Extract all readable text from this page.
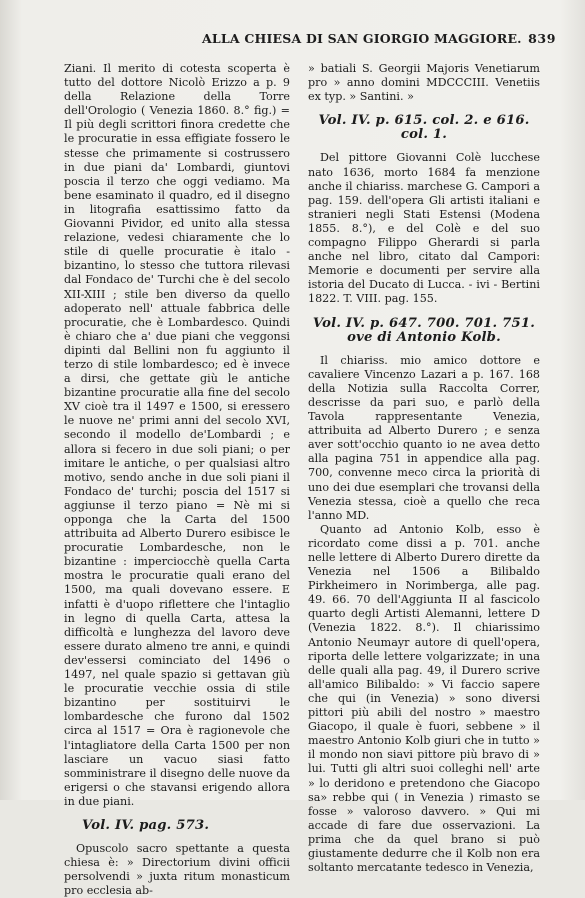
ALLA CHIESA DI SAN GIORGIO MAGGIORE. 839

Ziani. Il merito di cotesta scoperta è tutto del dottore Nicolò Erizzo a p. 9 della Relazione della Torre dell'Orologio ( Venezia 1860. 8.° fig.) = Il più degli scrittori finora credette che le procuratie in essa effigiate fossero le stesse che primamente si costrussero in due piani da' Lombardi, giuntovi poscia il terzo che oggi vediamo. Ma bene esaminato il quadro, ed il disegno in litografia esattissimo fatto da Giovanni Pividor, ed unito alla stessa relazione, vedesi chiaramente che lo stile di quelle procuratie è italo - bizantino, lo stesso che tuttora rilevasi dal Fondaco de' Turchi che è del secolo XII-XIII ; stile ben diverso da quello adoperato nell' attuale fabbrica delle procuratie, che è Lombardesco. Quindi è chiaro che a' due piani che veggonsi dipinti dal Bellini non fu aggiunto il terzo di stile lombardesco; ed è invece a dirsi, che gettate giù le antiche bizantine procuratie alla fine del secolo XV cioè tra il 1497 e 1500, si eressero le nuove ne' primi anni del secolo XVI, secondo il modello de'Lombardi ; e allora si fecero in due soli piani; o per imitare le antiche, o per qualsiasi altro motivo, sendo anche in due soli piani il Fondaco de' turchi; poscia del 1517 si aggiunse il terzo piano = Nè mi si opponga che la Carta del 1500 attribuita ad Alberto Durero esibisce le procuratie Lombardesche, non le bizantine : imperciocchè quella Carta mostra le procuratie quali erano del 1500, ma quali dovevano essere. E infatti è d'uopo riflettere che l'intaglio in legno di quella Carta, attesa la difficoltà e lunghezza del lavoro deve essere durato almeno tre anni, e quindi dev'essersi cominciato del 1496 o 1497, nel quale spazio si gettavan giù le procuratie vecchie ossia di stile bizantino per sostituirvi le lombardesche che furono dal 1502 circa al 1517 = Ora è ragionevole che l'intagliatore della Carta 1500 per non lasciare un vacuo siasi fatto somministrare il disegno delle nuove da erigersi o che stavansi erigendo allora in due piani.

Vol. IV. pag. 573.

Opuscolo sacro spettante a questa chiesa è: » Directorium divini officii persolvendi » juxta ritum monasticum pro ecclesia ab-

» batiali S. Georgii Majoris Venetiarum pro » anno domini MDCCCIII. Venetiis ex typ. » Santini. »

Vol. IV. p. 615. col. 2. e 616. col. 1.

Del pittore Giovanni Colè lucchese nato 1636, morto 1684 fa menzione anche il chiariss. marchese G. Campori a pag. 159. dell'opera Gli artisti italiani e stranieri negli Stati Estensi (Modena 1855. 8.°), e del Colè e del suo compagno Filippo Gherardi si parla anche nel libro, citato dal Campori: Memorie e documenti per servire alla istoria del Ducato di Lucca. - ivi - Bertini 1822. T. VIII. pag. 155.

Vol. IV. p. 647. 700. 701. 751. ove di Antonio Kolb.

Il chiariss. mio amico dottore e cavaliere Vincenzo Lazari a p. 167. 168 della Notizia sulla Raccolta Correr, descrisse da pari suo, e parlò della Tavola rappresentante Venezia, attribuita ad Alberto Durero ; e senza aver sott'occhio quanto io ne avea detto alla pagina 751 in appendice alla pag. 700, convenne meco circa la priorità di uno dei due esemplari che trovansi della Venezia stessa, cioè a quello che reca l'anno MD.

Quanto ad Antonio Kolb, esso è ricordato come dissi a p. 701. anche nelle lettere di Alberto Durero dirette da Venezia nel 1506 a Bilibaldo Pirkheimero in Norimberga, alle pag. 49. 66. 70 dell'Aggiunta II al fascicolo quarto degli Artisti Alemanni, lettere D (Venezia 1822. 8.°). Il chiarissimo Antonio Neumayr autore di quell'opera, riporta delle lettere volgarizzate; in una delle quali alla pag. 49, il Durero scrive all'amico Bilibaldo: » Vi faccio sapere che qui (in Venezia) » sono diversi pittori più abili del nostro » maestro Giacopo, il quale è fuori, sebbene » il maestro Antonio Kolb giuri che in tutto » il mondo non siavi pittore più bravo di » lui. Tutti gli altri suoi colleghi nell' arte » lo deridono e pretendono che Giacopo sa» rebbe qui ( in Venezia ) rimasto se fosse » valoroso davvero. » Qui mi accade di fare due osservazioni. La prima che da quel brano si può giustamente dedurre che il Kolb non era soltanto mercatante tedesco in Venezia,
